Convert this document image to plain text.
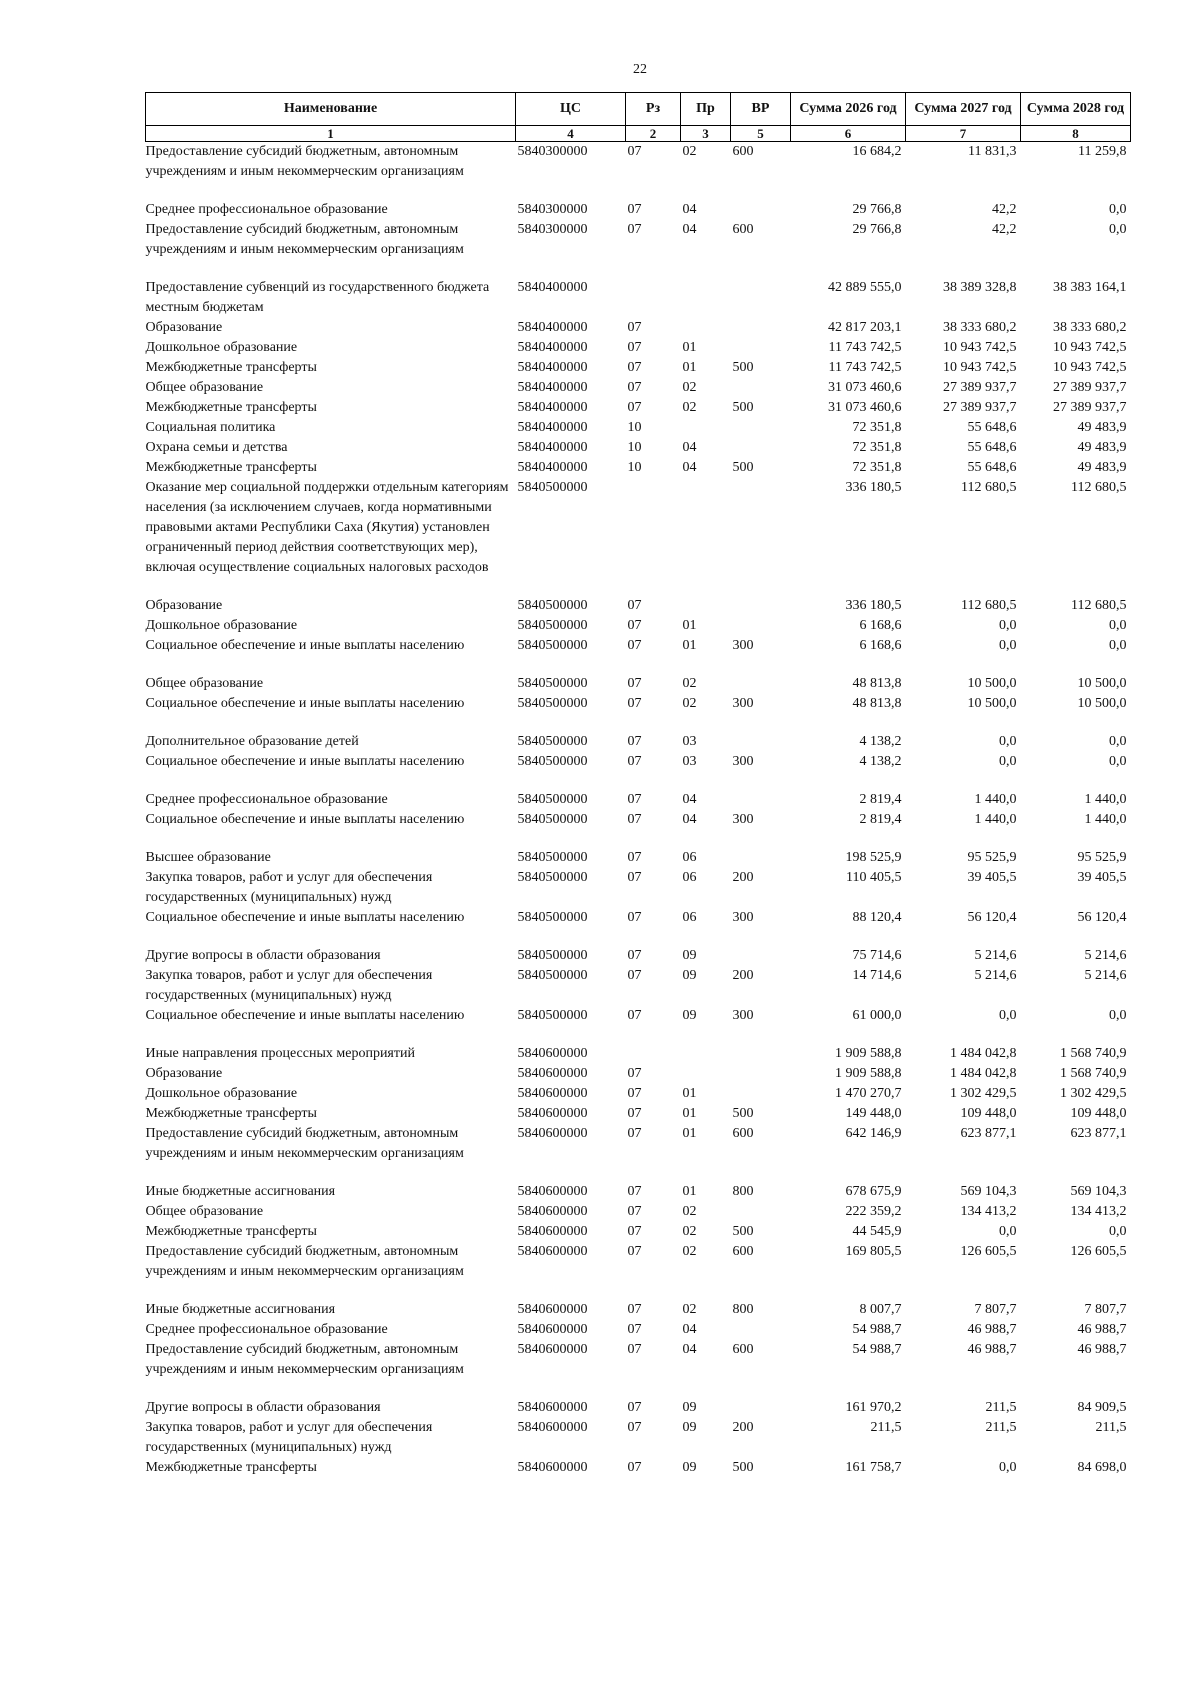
22
Наименование	ЦС	Рз	Пр	ВР	Сумма 2026 год	Сумма 2027 год	Сумма 2028 год
1	4	2	3	5	6	7	8
Предоставление субсидий бюджетным, автономным учреждениям и иным некоммерческим организациям	5840300000	07	02	600	16 684,2	11 831,3	11 259,8

Среднее профессиональное образование	5840300000	07	04		29 766,8	42,2	0,0
Предоставление субсидий бюджетным, автономным учреждениям и иным некоммерческим организациям	5840300000	07	04	600	29 766,8	42,2	0,0

Предоставление субвенций из государственного бюджета местным бюджетам	5840400000				42 889 555,0	38 389 328,8	38 383 164,1
Образование	5840400000	07			42 817 203,1	38 333 680,2	38 333 680,2
Дошкольное образование	5840400000	07	01		11 743 742,5	10 943 742,5	10 943 742,5
Межбюджетные трансферты	5840400000	07	01	500	11 743 742,5	10 943 742,5	10 943 742,5
Общее образование	5840400000	07	02		31 073 460,6	27 389 937,7	27 389 937,7
Межбюджетные трансферты	5840400000	07	02	500	31 073 460,6	27 389 937,7	27 389 937,7
Социальная политика	5840400000	10			72 351,8	55 648,6	49 483,9
Охрана семьи и детства	5840400000	10	04		72 351,8	55 648,6	49 483,9
Межбюджетные трансферты	5840400000	10	04	500	72 351,8	55 648,6	49 483,9
Оказание мер социальной поддержки отдельным категориям населения (за исключением случаев, когда нормативными правовыми актами Республики Саха (Якутия) установлен ограниченный период действия соответствующих мер), включая осуществление социальных налоговых расходов	5840500000				336 180,5	112 680,5	112 680,5

Образование	5840500000	07			336 180,5	112 680,5	112 680,5
Дошкольное образование	5840500000	07	01		6 168,6	0,0	0,0
Социальное обеспечение и иные выплаты населению	5840500000	07	01	300	6 168,6	0,0	0,0

Общее образование	5840500000	07	02		48 813,8	10 500,0	10 500,0
Социальное обеспечение и иные выплаты населению	5840500000	07	02	300	48 813,8	10 500,0	10 500,0

Дополнительное образование детей	5840500000	07	03		4 138,2	0,0	0,0
Социальное обеспечение и иные выплаты населению	5840500000	07	03	300	4 138,2	0,0	0,0

Среднее профессиональное образование	5840500000	07	04		2 819,4	1 440,0	1 440,0
Социальное обеспечение и иные выплаты населению	5840500000	07	04	300	2 819,4	1 440,0	1 440,0

Высшее образование	5840500000	07	06		198 525,9	95 525,9	95 525,9
Закупка товаров, работ и услуг для обеспечения государственных (муниципальных) нужд	5840500000	07	06	200	110 405,5	39 405,5	39 405,5
Социальное обеспечение и иные выплаты населению	5840500000	07	06	300	88 120,4	56 120,4	56 120,4

Другие вопросы в области образования	5840500000	07	09		75 714,6	5 214,6	5 214,6
Закупка товаров, работ и услуг для обеспечения государственных (муниципальных) нужд	5840500000	07	09	200	14 714,6	5 214,6	5 214,6
Социальное обеспечение и иные выплаты населению	5840500000	07	09	300	61 000,0	0,0	0,0

Иные направления процессных мероприятий	5840600000				1 909 588,8	1 484 042,8	1 568 740,9
Образование	5840600000	07			1 909 588,8	1 484 042,8	1 568 740,9
Дошкольное образование	5840600000	07	01		1 470 270,7	1 302 429,5	1 302 429,5
Межбюджетные трансферты	5840600000	07	01	500	149 448,0	109 448,0	109 448,0
Предоставление субсидий бюджетным, автономным учреждениям и иным некоммерческим организациям	5840600000	07	01	600	642 146,9	623 877,1	623 877,1

Иные бюджетные ассигнования	5840600000	07	01	800	678 675,9	569 104,3	569 104,3
Общее образование	5840600000	07	02		222 359,2	134 413,2	134 413,2
Межбюджетные трансферты	5840600000	07	02	500	44 545,9	0,0	0,0
Предоставление субсидий бюджетным, автономным учреждениям и иным некоммерческим организациям	5840600000	07	02	600	169 805,5	126 605,5	126 605,5

Иные бюджетные ассигнования	5840600000	07	02	800	8 007,7	7 807,7	7 807,7
Среднее профессиональное образование	5840600000	07	04		54 988,7	46 988,7	46 988,7
Предоставление субсидий бюджетным, автономным учреждениям и иным некоммерческим организациям	5840600000	07	04	600	54 988,7	46 988,7	46 988,7

Другие вопросы в области образования	5840600000	07	09		161 970,2	211,5	84 909,5
Закупка товаров, работ и услуг для обеспечения государственных (муниципальных) нужд	5840600000	07	09	200	211,5	211,5	211,5
Межбюджетные трансферты	5840600000	07	09	500	161 758,7	0,0	84 698,0
